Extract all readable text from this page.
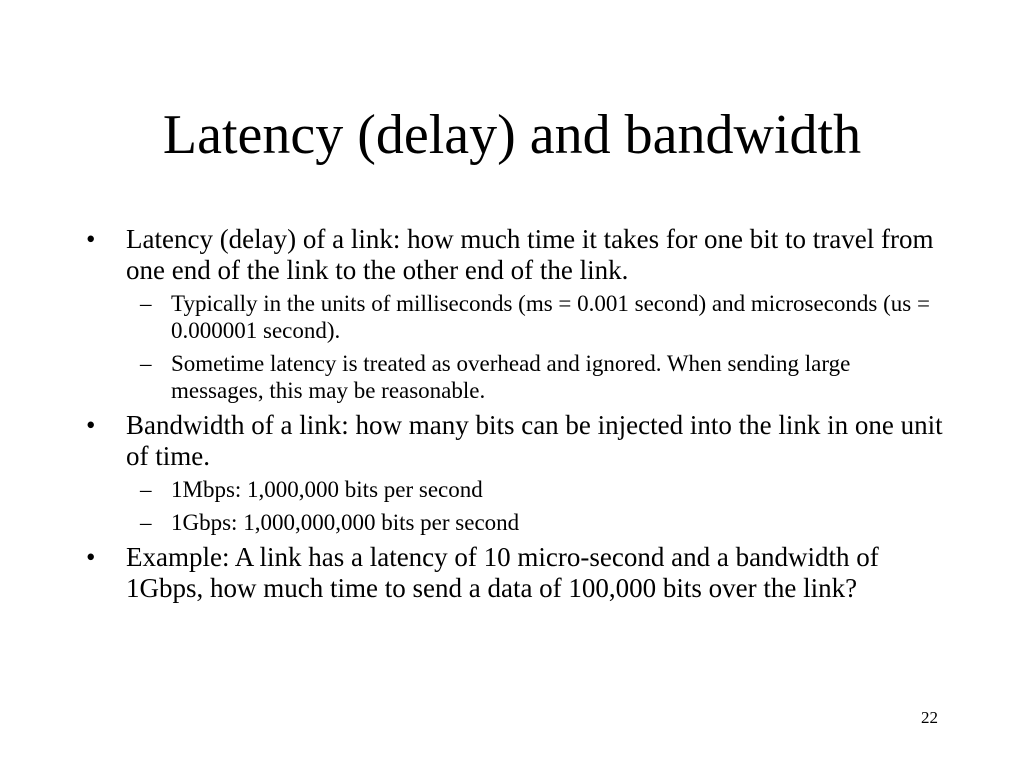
Latency (delay) and bandwidth
•	Latency (delay) of a link: how much time it takes for one bit to travel from one end of the link to the other end of the link.
– Typically in the units of milliseconds (ms = 0.001 second) and microseconds (us = 0.000001 second).
– Sometime latency is treated as overhead and ignored. When sending large messages, this may be reasonable.
•	Bandwidth of a link: how many bits can be injected into the link in one unit of time.
– 1Mbps: 1,000,000 bits per second
– 1Gbps: 1,000,000,000 bits per second
•	Example: A link has a latency of 10 micro-second and a bandwidth of 1Gbps, how much time to send a data of 100,000 bits over the link?
22
